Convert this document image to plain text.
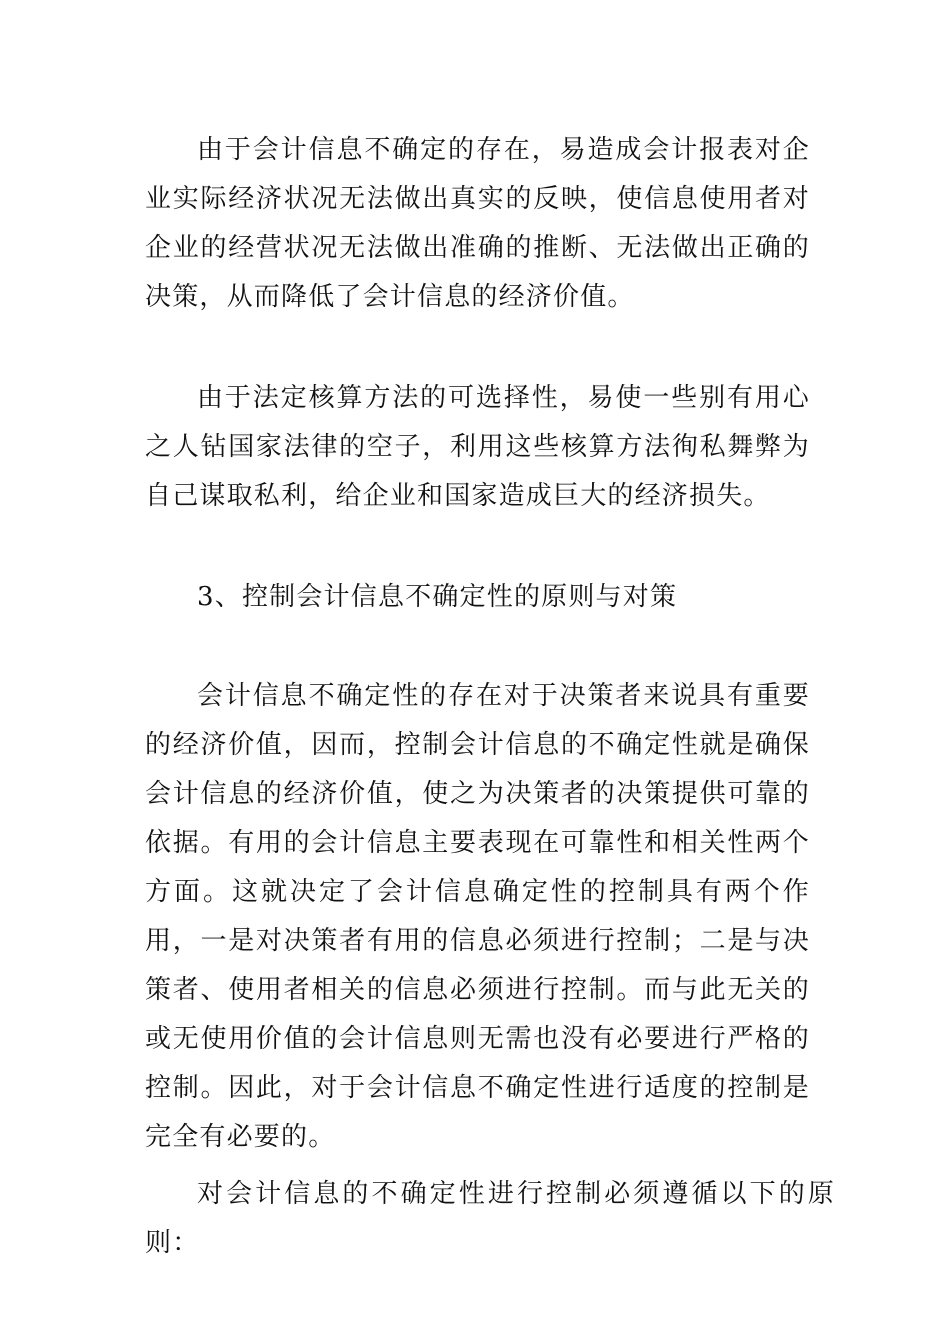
由于会计信息不确定的存在，易造成会计报表对企业实际经济状况无法做出真实的反映，使信息使用者对企业的经营状况无法做出准确的推断、无法做出正确的决策，从而降低了会计信息的经济价值。

由于法定核算方法的可选择性，易使一些别有用心之人钻国家法律的空子，利用这些核算方法徇私舞弊为自己谋取私利，给企业和国家造成巨大的经济损失。

3、控制会计信息不确定性的原则与对策

会计信息不确定性的存在对于决策者来说具有重要的经济价值，因而，控制会计信息的不确定性就是确保会计信息的经济价值，使之为决策者的决策提供可靠的依据。有用的会计信息主要表现在可靠性和相关性两个方面。这就决定了会计信息确定性的控制具有两个作用，一是对决策者有用的信息必须进行控制；二是与决策者、使用者相关的信息必须进行控制。而与此无关的或无使用价值的会计信息则无需也没有必要进行严格的控制。因此，对于会计信息不确定性进行适度的控制是完全有必要的。

对会计信息的不确定性进行控制必须遵循以下的原则：
